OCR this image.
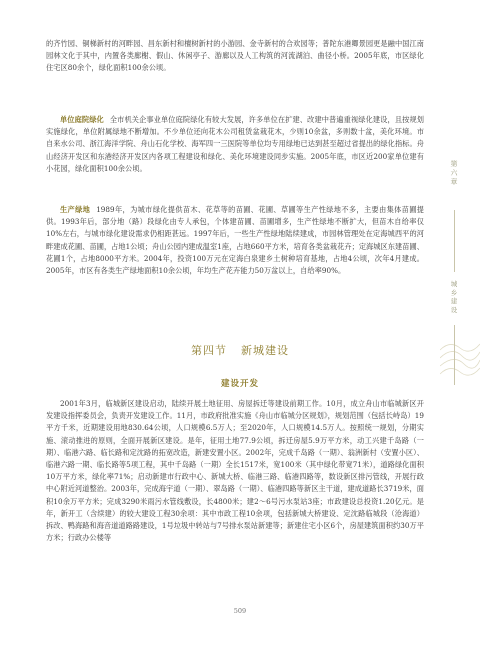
的齐竹园、铜梯新村的河畔园、昌东新村和檀树新村的小游园、金寺新村的合欢园等；普陀东港卿景园更是融中国江南园林文化于其中，内置各类廊榭、假山、休闲亭子、游廊以及人工构筑的河流湖泊、曲径小桥。2005年底，市区绿化住宅区80余个，绿化面积100余公顷。

单位庭院绿化 全市机关企事业单位庭院绿化有较大发展，许多单位在扩建、改建中普遍重视绿化建设，且按规划实施绿化，单位附属绿地不断增加。不少单位还向花木公司租赁盆栽花木，少则10余盆，多则数十盆，美化环境。市自来水公司、浙江海洋学院、舟山石化学校、海军四一三医院等单位均专用绿地已达到甚至超过省提出的绿化指标。舟山经济开发区和东港经济开发区内各项工程建设和绿化、美化环境建设同步实施。2005年底，市区近200家单位建有小花园，绿化面积100余公顷。

生产绿地 1989年，为城市绿化提供苗木、花草等的苗圃、花圃、草圃等生产性绿地不多，主要由集体苗圃提供。1993年后，部分地（路）段绿化由专人承包，个体建苗圃、苗圃增多，生产性绿地不断扩大，但苗木自给率仅10%左右，与城市绿化建设需求仍相距甚远。1997年后，一些生产性绿地陆续建成，市园林管理处在定海城西平的河畔建成花圃、苗圃，占地1公顷；舟山公园内建成温室1座，占地660平方米，培育各类盆栽花卉；定海城区东建苗圃、花圃1个，占地8000平方米。2004年，投资100万元在定海白泉建乡土树种培育基地，占地4公顷，次年4月建成。2005年，市区有各类生产绿地面积10余公顷，年均生产花卉能力50万盆以上，自给率90%。

第四节 新城建设
建设开发

2001年3月，临城新区建设启动，陆续开展土地征用、房屋拆迁等建设前期工作。10月，成立舟山市临城新区开发建设指挥委员会，负责开发建设工作。11月，市政府批准实施《舟山市临城分区规划》，规划范围（包括长峙岛）19平方千米，近期建设用地830.64公顷，人口规模6.5万人；至2020年，人口规模14.5万人。按照统一规划，分期实施、滚动推进的原则，全面开展新区建设。是年，征用土地77.9公顷，拆迁房屋5.9万平方米，动工兴建千岛路（一期）、临港六路、临长路和定沈路的拓宽改造，新建安置小区。2002年，完成千岛路（一期）、翁洲新村（安置小区）、临港六路一期、临长路等5项工程，其中千岛路（一期）全长1517米，宽100米（其中绿化带宽71米），道路绿化面积10万平方米，绿化率71%；启动新建市行政中心、新城大桥、临港三路、临港四路等，数设新区排污管线，开展行政中心附近河道整治。2003年，完成海宇道（一期）、翠岛路（一期）、临港四路等新区主干道，建成道路长3719米，面积10余万平方米；完成3290米雨污水管线敷设，长4800米；建2～6号污水泵站3座；市政建设总投资1.20亿元。是年，新开工（含续建）的较大建设工程30余项：其中市政工程10余项，包括新城大桥建设、定沈路临城段（沧海道）拆改、鸭海路和海音道道路路建设，1号垃圾中转站与7号排水泵站新建等；新建住宅小区6个，房屋建筑面积约30万平方米；行政办公楼等

509
第六章
城乡建设
